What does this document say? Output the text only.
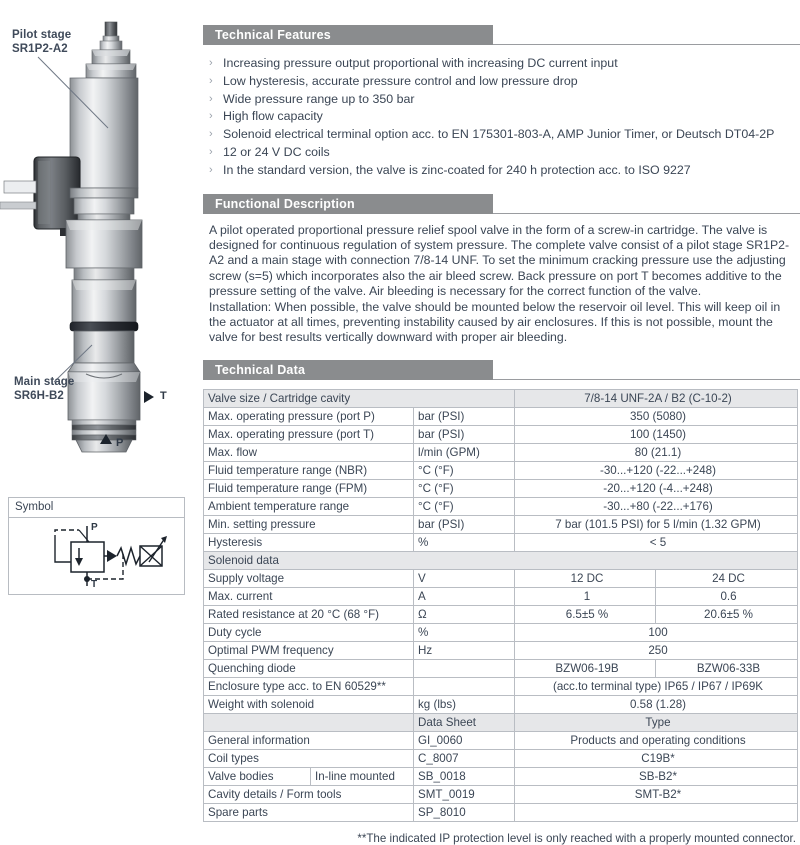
Pilot stage
SR1P2-A2
Main stage
SR6H-B2	T
P
Symbol
P
T
Technical Features
› Increasing pressure output proportional with increasing DC current input
› Low hysteresis, accurate pressure control and low pressure drop
› Wide pressure range up to 350 bar
› High flow capacity
› Solenoid electrical terminal option acc. to EN 175301-803-A, AMP Junior Timer, or Deutsch DT04-2P
› 12 or 24 V DC coils
› In the standard version, the valve is zinc-coated for 240 h protection acc. to ISO 9227
Functional Description

A pilot operated proportional pressure relief spool valve in the form of a screw-in cartridge. The valve is designed for continuous regulation of system pressure. The complete valve consist of a pilot stage SR1P2-A2 and a main stage with connection 7/8-14 UNF. To set the minimum cracking pressure use the adjusting screw (s=5) which incorporates also the air bleed screw. Back pressure on port T becomes additive to the pressure setting of the valve. Air bleeding is necessary for the correct function of the valve.

Installation: When possible, the valve should be mounted below the reservoir oil level. This will keep oil in the actuator at all times, preventing instability caused by air enclosures. If this is not possible, mount the valve for best results vertically downward with proper air bleeding.

Technical Data
Valve size / Cartridge cavity			7/8-14 UNF-2A / B2 (C-10-2)	
Max. operating pressure (port P)		bar (PSI)	350 (5080)	
Max. operating pressure (port T)		bar (PSI)	100 (1450)	
Max. flow		l/min (GPM)	80 (21.1)	
Fluid temperature range (NBR)		°C (°F)	-30...+120 (-22...+248)	
Fluid temperature range (FPM)		°C (°F)	-20...+120 (-4...+248)	
Ambient temperature range		°C (°F)	-30...+80 (-22...+176)	
Min. setting pressure		bar (PSI)	7 bar (101.5 PSI) for 5 l/min (1.32 GPM)	
Hysteresis		%	< 5	
Solenoid data				
Supply voltage		V	12 DC	24 DC
Max. current		A	1	0.6
Rated resistance at 20 °C (68 °F)		Ω	6.5±5 %	20.6±5 %
Duty cycle		%	100	
Optimal PWM frequency		Hz	250	
Quenching diode			BZW06-19B	BZW06-33B
Enclosure type acc. to EN 60529**			(acc.to terminal type) IP65 / IP67 / IP69K	
Weight with solenoid		kg (lbs)	0.58 (1.28)	
		Data Sheet	Type	
General information		GI_0060	Products and operating conditions	
Coil types		C_8007	C19B*	
Valve bodies	In-line mounted	SB_0018	SB-B2*	
Cavity details / Form tools		SMT_0019	SMT-B2*	
Spare parts		SP_8010		
**The indicated IP protection level is only reached with a properly mounted connector.
